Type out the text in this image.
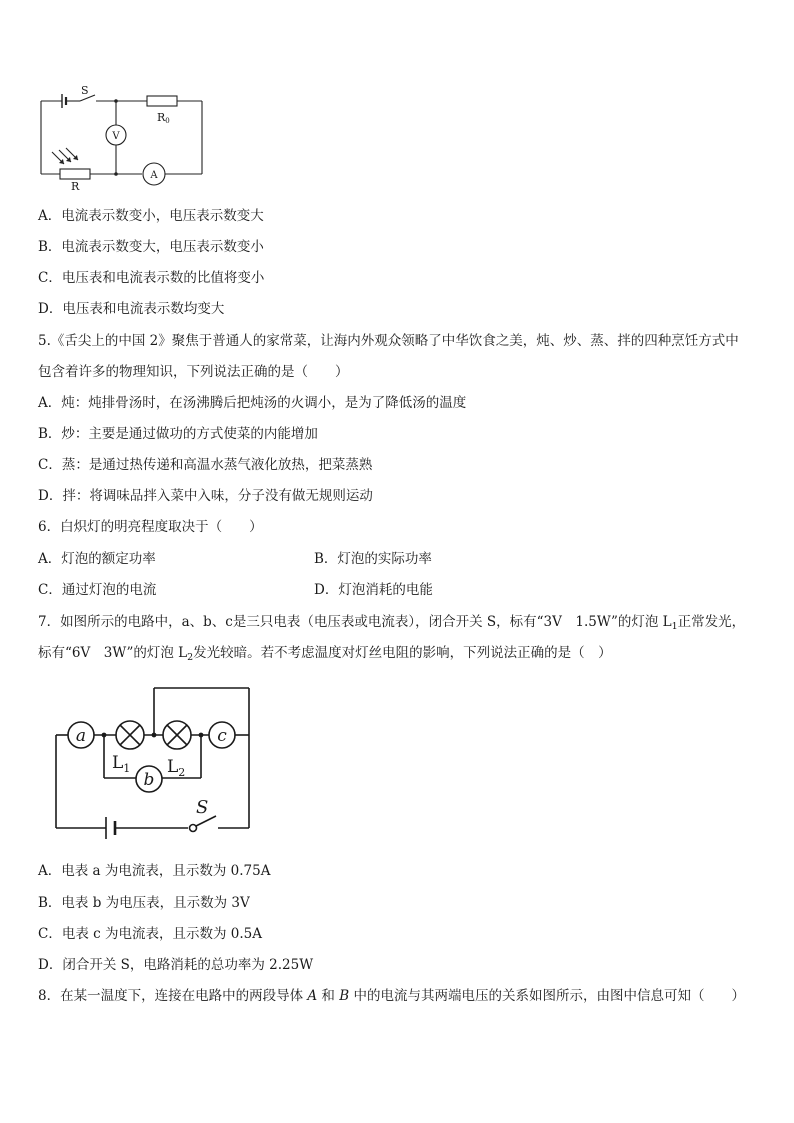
S
R0
V
A
R
A．电流表示数变小，电压表示数变大
B．电流表示数变大，电压表示数变小
C．电压表和电流表示数的比值将变小
D．电压表和电流表示数均变大
5.《舌尖上的中国 2》聚焦于普通人的家常菜，让海内外观众领略了中华饮食之美，炖、炒、蒸、拌的四种烹饪方式中
包含着许多的物理知识，下列说法正确的是（　　）
A．炖：炖排骨汤时，在汤沸腾后把炖汤的火调小，是为了降低汤的温度
B．炒：主要是通过做功的方式使菜的内能增加
C．蒸：是通过热传递和高温水蒸气液化放热，把菜蒸熟
D．拌：将调味品拌入菜中入味，分子没有做无规则运动
6．白炽灯的明亮程度取决于（　　）
A．灯泡的额定功率	B．灯泡的实际功率
C．通过灯泡的电流	D．灯泡消耗的电能
7．如图所示的电路中，a、b、c是三只电表（电压表或电流表），闭合开关 S，标有“3V　1.5W”的灯泡 $L_1$正常发光，
标有“6V　3W”的灯泡 $L_2$发光较暗。若不考虑温度对灯丝电阻的影响，下列说法正确的是（　）
a	c
b
$L_1$ $L_2$
S
A．电表 a 为电流表，且示数为 0.75A
B．电表 b 为电压表，且示数为 3V
C．电表 c 为电流表，且示数为 0.5A
D．闭合开关 S，电路消耗的总功率为 2.25W
8．在某一温度下，连接在电路中的两段导体 A 和 B 中的电流与其两端电压的关系如图所示，由图中信息可知（　　）
